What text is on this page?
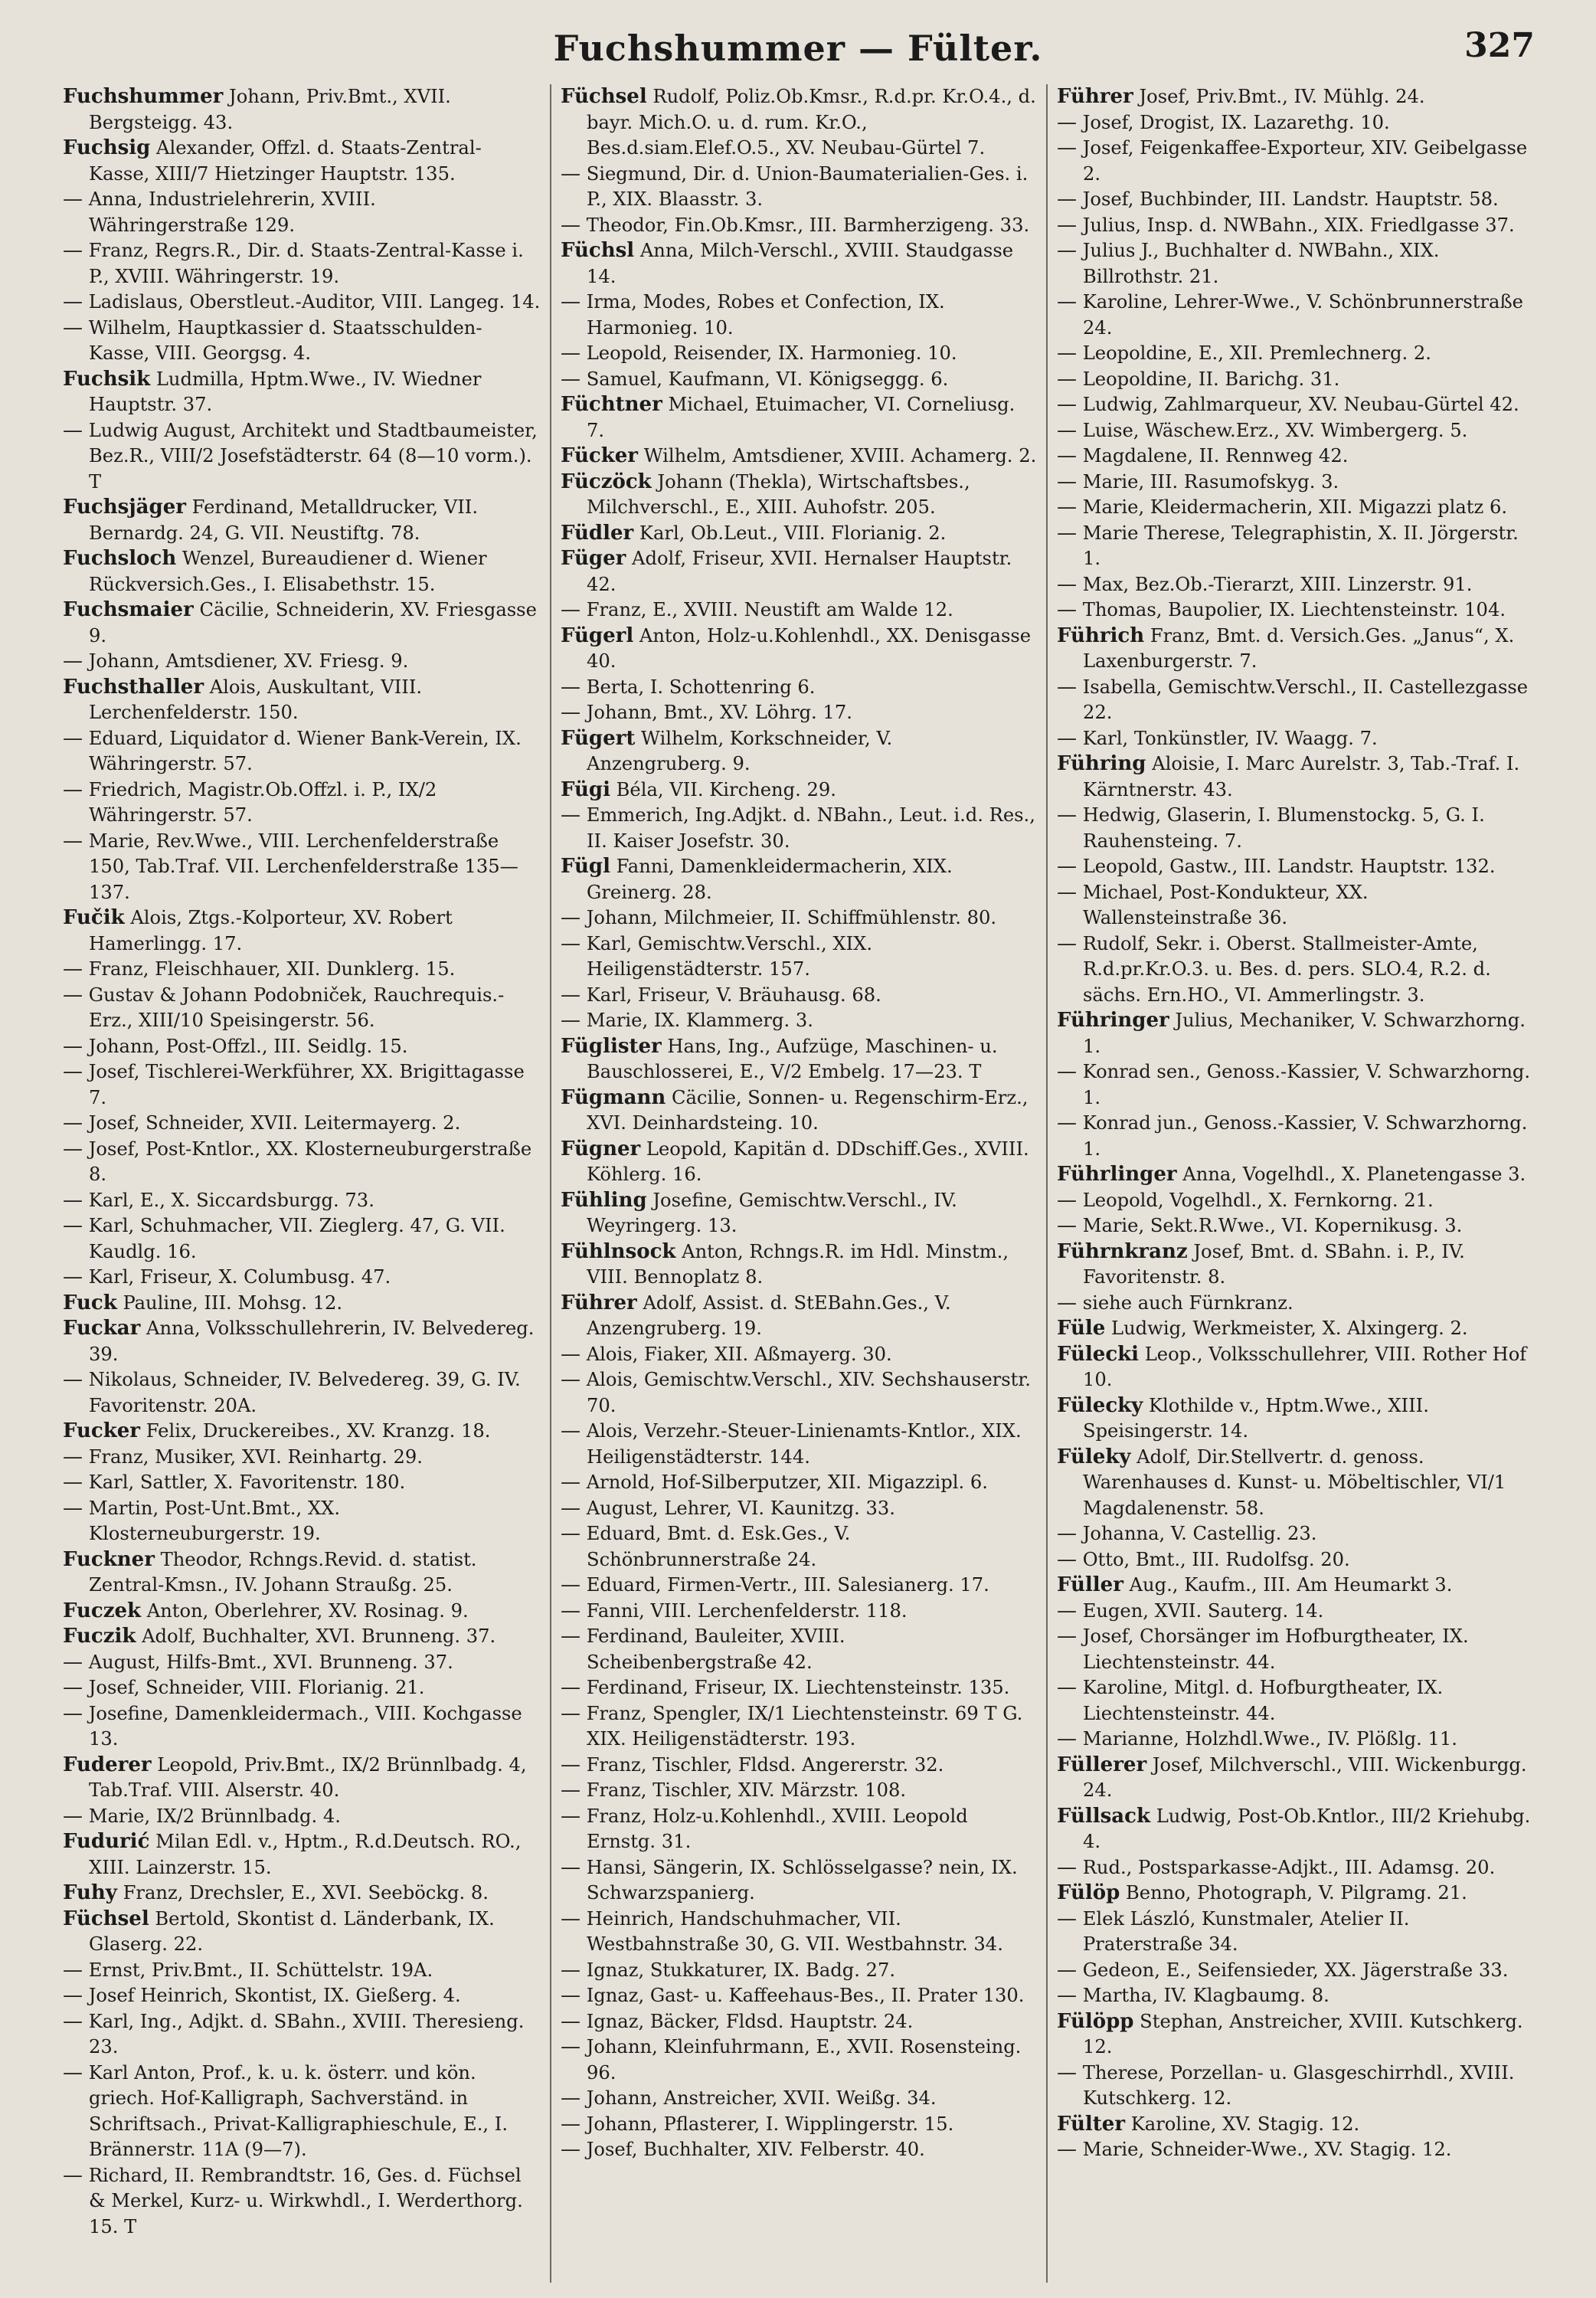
Fuchshummer — Fülter.	327

Fuchshummer Johann, Priv.Bmt., XVII. Bergsteigg. 43.

Fuchsig Alexander, Offzl. d. Staats-Zentral-Kasse, XIII/7 Hietzinger Hauptstr. 135.

— Anna, Industrielehrerin, XVIII. Währingerstraße 129.

— Franz, Regrs.R., Dir. d. Staats-Zentral-Kasse i. P., XVIII. Währingerstr. 19.

— Ladislaus, Oberstleut.-Auditor, VIII. Langeg. 14.

— Wilhelm, Hauptkassier d. Staatsschulden-Kasse, VIII. Georgsg. 4.

Fuchsik Ludmilla, Hptm.Wwe., IV. Wiedner Hauptstr. 37.

— Ludwig August, Architekt und Stadtbaumeister, Bez.R., VIII/2 Josefstädterstr. 64 (8—10 vorm.). T

Fuchsjäger Ferdinand, Metalldrucker, VII. Bernardg. 24, G. VII. Neustiftg. 78.

Fuchsloch Wenzel, Bureaudiener d. Wiener Rückversich.Ges., I. Elisabethstr. 15.

Fuchsmaier Cäcilie, Schneiderin, XV. Friesgasse 9.

— Johann, Amtsdiener, XV. Friesg. 9.

Fuchsthaller Alois, Auskultant, VIII. Lerchenfelderstr. 150.

— Eduard, Liquidator d. Wiener Bank-Verein, IX. Währingerstr. 57.

— Friedrich, Magistr.Ob.Offzl. i. P., IX/2 Währingerstr. 57.

— Marie, Rev.Wwe., VIII. Lerchenfelderstraße 150, Tab.Traf. VII. Lerchenfelderstraße 135—137.

Fučik Alois, Ztgs.-Kolporteur, XV. Robert Hamerlingg. 17.

— Franz, Fleischhauer, XII. Dunklerg. 15.

— Gustav & Johann Podobniček, Rauchrequis.-Erz., XIII/10 Speisingerstr. 56.

— Johann, Post-Offzl., III. Seidlg. 15.

— Josef, Tischlerei-Werkführer, XX. Brigittagasse 7.

— Josef, Schneider, XVII. Leitermayerg. 2.

— Josef, Post-Kntlor., XX. Klosterneuburgerstraße 8.

— Karl, E., X. Siccardsburgg. 73.

— Karl, Schuhmacher, VII. Zieglerg. 47, G. VII. Kaudlg. 16.

— Karl, Friseur, X. Columbusg. 47.

Fuck Pauline, III. Mohsg. 12.

Fuckar Anna, Volksschullehrerin, IV. Belvedereg. 39.

— Nikolaus, Schneider, IV. Belvedereg. 39, G. IV. Favoritenstr. 20A.

Fucker Felix, Druckereibes., XV. Kranzg. 18.

— Franz, Musiker, XVI. Reinhartg. 29.

— Karl, Sattler, X. Favoritenstr. 180.

— Martin, Post-Unt.Bmt., XX. Klosterneuburgerstr. 19.

Fuckner Theodor, Rchngs.Revid. d. statist. Zentral-Kmsn., IV. Johann Straußg. 25.

Fuczek Anton, Oberlehrer, XV. Rosinag. 9.

Fuczik Adolf, Buchhalter, XVI. Brunneng. 37.

— August, Hilfs-Bmt., XVI. Brunneng. 37.

— Josef, Schneider, VIII. Florianig. 21.

— Josefine, Damenkleidermach., VIII. Kochgasse 13.

Fuderer Leopold, Priv.Bmt., IX/2 Brünnlbadg. 4, Tab.Traf. VIII. Alserstr. 40.

— Marie, IX/2 Brünnlbadg. 4.

Fudurić Milan Edl. v., Hptm., R.d.Deutsch. RO., XIII. Lainzerstr. 15.

Fuhy Franz, Drechsler, E., XVI. Seeböckg. 8.

Füchsel Bertold, Skontist d. Länderbank, IX. Glaserg. 22.

— Ernst, Priv.Bmt., II. Schüttelstr. 19A.

— Josef Heinrich, Skontist, IX. Gießerg. 4.

— Karl, Ing., Adjkt. d. SBahn., XVIII. Theresieng. 23.

— Karl Anton, Prof., k. u. k. österr. und kön. griech. Hof-Kalligraph, Sachverständ. in Schriftsach., Privat-Kalligraphieschule, E., I. Brännerstr. 11A (9—7).

— Richard, II. Rembrandtstr. 16, Ges. d. Füchsel & Merkel, Kurz- u. Wirkwhdl., I. Werderthorg. 15. T

Füchsel Rudolf, Poliz.Ob.Kmsr., R.d.pr. Kr.O.4., d. bayr. Mich.O. u. d. rum. Kr.O., Bes.d.siam.Elef.O.5., XV. Neubau-Gürtel 7.

— Siegmund, Dir. d. Union-Baumaterialien-Ges. i. P., XIX. Blaasstr. 3.

— Theodor, Fin.Ob.Kmsr., III. Barmherzigeng. 33.

Füchsl Anna, Milch-Verschl., XVIII. Staudgasse 14.

— Irma, Modes, Robes et Confection, IX. Harmonieg. 10.

— Leopold, Reisender, IX. Harmonieg. 10.

— Samuel, Kaufmann, VI. Königseggg. 6.

Füchtner Michael, Etuimacher, VI. Corneliusg. 7.

Fücker Wilhelm, Amtsdiener, XVIII. Achamerg. 2.

Füczöck Johann (Thekla), Wirtschaftsbes., Milchverschl., E., XIII. Auhofstr. 205.

Füdler Karl, Ob.Leut., VIII. Florianig. 2.

Füger Adolf, Friseur, XVII. Hernalser Hauptstr. 42.

— Franz, E., XVIII. Neustift am Walde 12.

Fügerl Anton, Holz-u.Kohlenhdl., XX. Denisgasse 40.

— Berta, I. Schottenring 6.

— Johann, Bmt., XV. Löhrg. 17.

Fügert Wilhelm, Korkschneider, V. Anzengruberg. 9.

Fügi Béla, VII. Kircheng. 29.

— Emmerich, Ing.Adjkt. d. NBahn., Leut. i.d. Res., II. Kaiser Josefstr. 30.

Fügl Fanni, Damenkleidermacherin, XIX. Greinerg. 28.

— Johann, Milchmeier, II. Schiffmühlenstr. 80.

— Karl, Gemischtw.Verschl., XIX. Heiligenstädterstr. 157.

— Karl, Friseur, V. Bräuhausg. 68.

— Marie, IX. Klammerg. 3.

Füglister Hans, Ing., Aufzüge, Maschinen- u. Bauschlosserei, E., V/2 Embelg. 17—23. T

Fügmann Cäcilie, Sonnen- u. Regenschirm-Erz., XVI. Deinhardsteing. 10.

Fügner Leopold, Kapitän d. DDschiff.Ges., XVIII. Köhlerg. 16.

Fühling Josefine, Gemischtw.Verschl., IV. Weyringerg. 13.

Fühlnsock Anton, Rchngs.R. im Hdl. Minstm., VIII. Bennoplatz 8.

Führer Adolf, Assist. d. StEBahn.Ges., V. Anzengruberg. 19.

— Alois, Fiaker, XII. Aßmayerg. 30.

— Alois, Gemischtw.Verschl., XIV. Sechshauserstr. 70.

— Alois, Verzehr.-Steuer-Linienamts-Kntlor., XIX. Heiligenstädterstr. 144.

— Arnold, Hof-Silberputzer, XII. Migazzipl. 6.

— August, Lehrer, VI. Kaunitzg. 33.

— Eduard, Bmt. d. Esk.Ges., V. Schönbrunnerstraße 24.

— Eduard, Firmen-Vertr., III. Salesianerg. 17.

— Fanni, VIII. Lerchenfelderstr. 118.

— Ferdinand, Bauleiter, XVIII. Scheibenbergstraße 42.

— Ferdinand, Friseur, IX. Liechtensteinstr. 135.

— Franz, Spengler, IX/1 Liechtensteinstr. 69 T G. XIX. Heiligenstädterstr. 193.

— Franz, Tischler, Fldsd. Angererstr. 32.

— Franz, Tischler, XIV. Märzstr. 108.

— Franz, Holz-u.Kohlenhdl., XVIII. Leopold Ernstg. 31.

— Hansi, Sängerin, IX. Schlösselgasse? nein, IX. Schwarzspanierg.

— Heinrich, Handschuhmacher, VII. Westbahnstraße 30, G. VII. Westbahnstr. 34.

— Ignaz, Stukkaturer, IX. Badg. 27.

— Ignaz, Gast- u. Kaffeehaus-Bes., II. Prater 130.

— Ignaz, Bäcker, Fldsd. Hauptstr. 24.

— Johann, Kleinfuhrmann, E., XVII. Rosensteing. 96.

— Johann, Anstreicher, XVII. Weißg. 34.

— Johann, Pflasterer, I. Wipplingerstr. 15.

— Josef, Buchhalter, XIV. Felberstr. 40.

Führer Josef, Priv.Bmt., IV. Mühlg. 24.

— Josef, Drogist, IX. Lazarethg. 10.

— Josef, Feigenkaffee-Exporteur, XIV. Geibelgasse 2.

— Josef, Buchbinder, III. Landstr. Hauptstr. 58.

— Julius, Insp. d. NWBahn., XIX. Friedlgasse 37.

— Julius J., Buchhalter d. NWBahn., XIX. Billrothstr. 21.

— Karoline, Lehrer-Wwe., V. Schönbrunnerstraße 24.

— Leopoldine, E., XII. Premlechnerg. 2.

— Leopoldine, II. Barichg. 31.

— Ludwig, Zahlmarqueur, XV. Neubau-Gürtel 42.

— Luise, Wäschew.Erz., XV. Wimbergerg. 5.

— Magdalene, II. Rennweg 42.

— Marie, III. Rasumofskyg. 3.

— Marie, Kleidermacherin, XII. Migazzi platz 6.

— Marie Therese, Telegraphistin, X. II. Jörgerstr. 1.

— Max, Bez.Ob.-Tierarzt, XIII. Linzerstr. 91.

— Thomas, Baupolier, IX. Liechtensteinstr. 104.

Führich Franz, Bmt. d. Versich.Ges. „Janus“, X. Laxenburgerstr. 7.

— Isabella, Gemischtw.Verschl., II. Castellezgasse 22.

— Karl, Tonkünstler, IV. Waagg. 7.

Führing Aloisie, I. Marc Aurelstr. 3, Tab.-Traf. I. Kärntnerstr. 43.

— Hedwig, Glaserin, I. Blumenstockg. 5, G. I. Rauhensteing. 7.

— Leopold, Gastw., III. Landstr. Hauptstr. 132.

— Michael, Post-Kondukteur, XX. Wallensteinstraße 36.

— Rudolf, Sekr. i. Oberst. Stallmeister-Amte, R.d.pr.Kr.O.3. u. Bes. d. pers. SLO.4, R.2. d. sächs. Ern.HO., VI. Ammerlingstr. 3.

Führinger Julius, Mechaniker, V. Schwarzhorng. 1.

— Konrad sen., Genoss.-Kassier, V. Schwarzhorng. 1.

— Konrad jun., Genoss.-Kassier, V. Schwarzhorng. 1.

Führlinger Anna, Vogelhdl., X. Planetengasse 3.

— Leopold, Vogelhdl., X. Fernkorng. 21.

— Marie, Sekt.R.Wwe., VI. Kopernikusg. 3.

Führnkranz Josef, Bmt. d. SBahn. i. P., IV. Favoritenstr. 8.

— siehe auch Fürnkranz.

Füle Ludwig, Werkmeister, X. Alxingerg. 2.

Fülecki Leop., Volksschullehrer, VIII. Rother Hof 10.

Fülecky Klothilde v., Hptm.Wwe., XIII. Speisingerstr. 14.

Füleky Adolf, Dir.Stellvertr. d. genoss. Warenhauses d. Kunst- u. Möbeltischler, VI/1 Magdalenenstr. 58.

— Johanna, V. Castellig. 23.

— Otto, Bmt., III. Rudolfsg. 20.

Füller Aug., Kaufm., III. Am Heumarkt 3.

— Eugen, XVII. Sauterg. 14.

— Josef, Chorsänger im Hofburgtheater, IX. Liechtensteinstr. 44.

— Karoline, Mitgl. d. Hofburgtheater, IX. Liechtensteinstr. 44.

— Marianne, Holzhdl.Wwe., IV. Plößlg. 11.

Füllerer Josef, Milchverschl., VIII. Wickenburgg. 24.

Füllsack Ludwig, Post-Ob.Kntlor., III/2 Kriehubg. 4.

— Rud., Postsparkasse-Adjkt., III. Adamsg. 20.

Fülöp Benno, Photograph, V. Pilgramg. 21.

— Elek László, Kunstmaler, Atelier II. Praterstraße 34.

— Gedeon, E., Seifensieder, XX. Jägerstraße 33.

— Martha, IV. Klagbaumg. 8.

Fülöpp Stephan, Anstreicher, XVIII. Kutschkerg. 12.

— Therese, Porzellan- u. Glasgeschirrhdl., XVIII. Kutschkerg. 12.

Fülter Karoline, XV. Stagig. 12.

— Marie, Schneider-Wwe., XV. Stagig. 12.
